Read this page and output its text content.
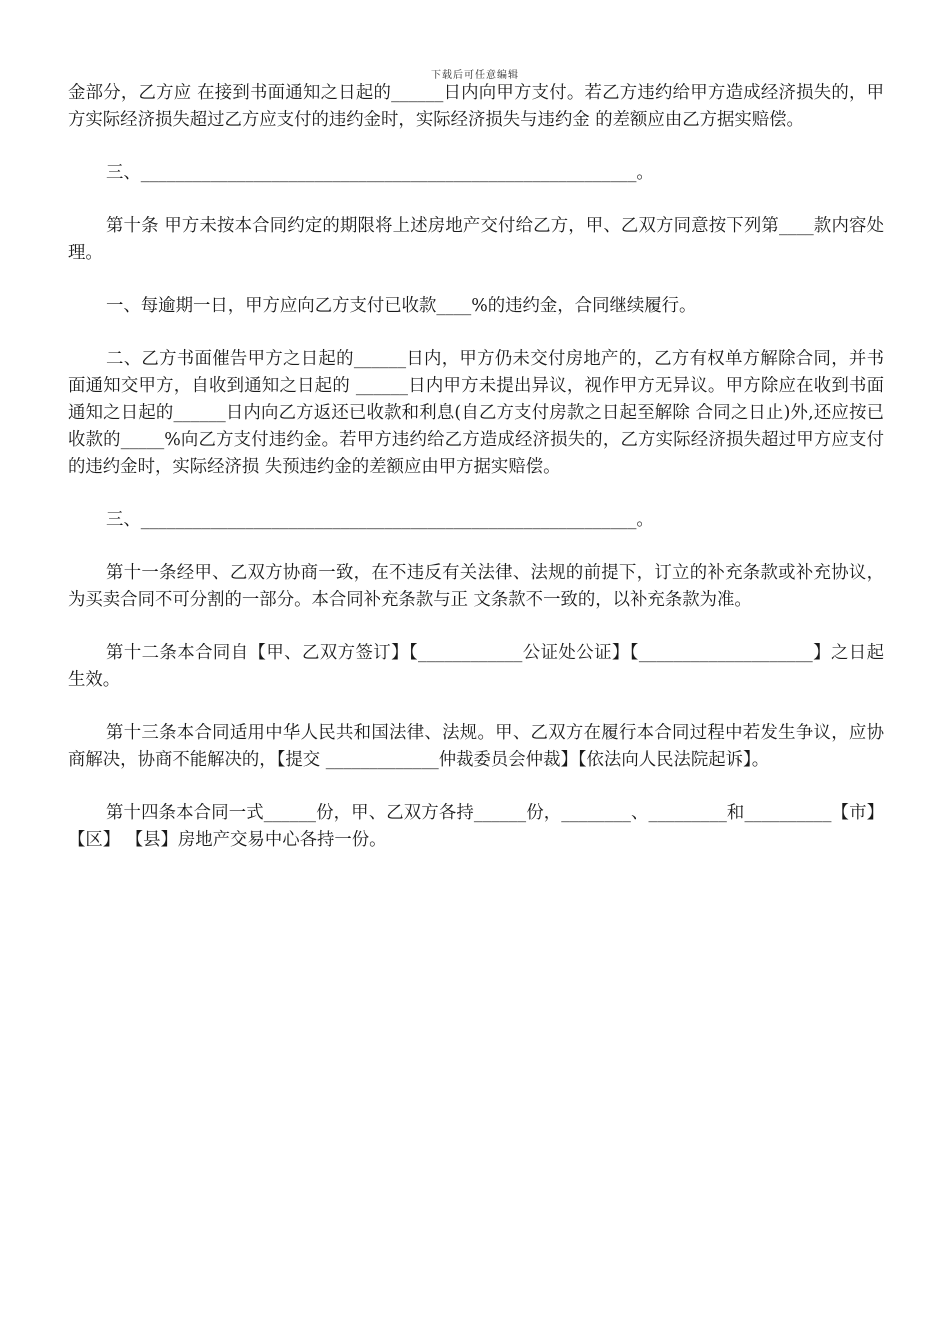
下载后可任意编辑

金部分，乙方应 在接到书面通知之日起的______日内向甲方支付。若乙方违约给甲方造成经济损失的，甲方实际经济损失超过乙方应支付的违约金时，实际经济损失与违约金 的差额应由乙方据实赔偿。

三、_________________________________________________________。

第十条 甲方未按本合同约定的期限将上述房地产交付给乙方，甲、乙双方同意按下列第____款内容处理。

一、每逾期一日，甲方应向乙方支付已收款____%的违约金，合同继续履行。

二、乙方书面催告甲方之日起的______日内，甲方仍未交付房地产的，乙方有权单方解除合同，并书面通知交甲方，自收到通知之日起的 ______日内甲方未提出异议，视作甲方无异议。甲方除应在收到书面通知之日起的______日内向乙方返还已收款和利息(自乙方支付房款之日起至解除 合同之日止)外,还应按已收款的_____%向乙方支付违约金。若甲方违约给乙方造成经济损失的，乙方实际经济损失超过甲方应支付的违约金时，实际经济损 失预违约金的差额应由甲方据实赔偿。

三、_________________________________________________________。

第十一条经甲、乙双方协商一致，在不违反有关法律、法规的前提下，订立的补充条款或补充协议，为买卖合同不可分割的一部分。本合同补充条款与正 文条款不一致的，以补充条款为准。

第十二条本合同自【甲、乙双方签订】【____________公证处公证】【____________________】之日起生效。

第十三条本合同适用中华人民共和国法律、法规。甲、乙双方在履行本合同过程中若发生争议，应协商解决，协商不能解决的，【提交 _____________仲裁委员会仲裁】【依法向人民法院起诉】。

第十四条本合同一式______份，甲、乙双方各持______份，________、_________和__________【市】【区】 【县】房地产交易中心各持一份。
